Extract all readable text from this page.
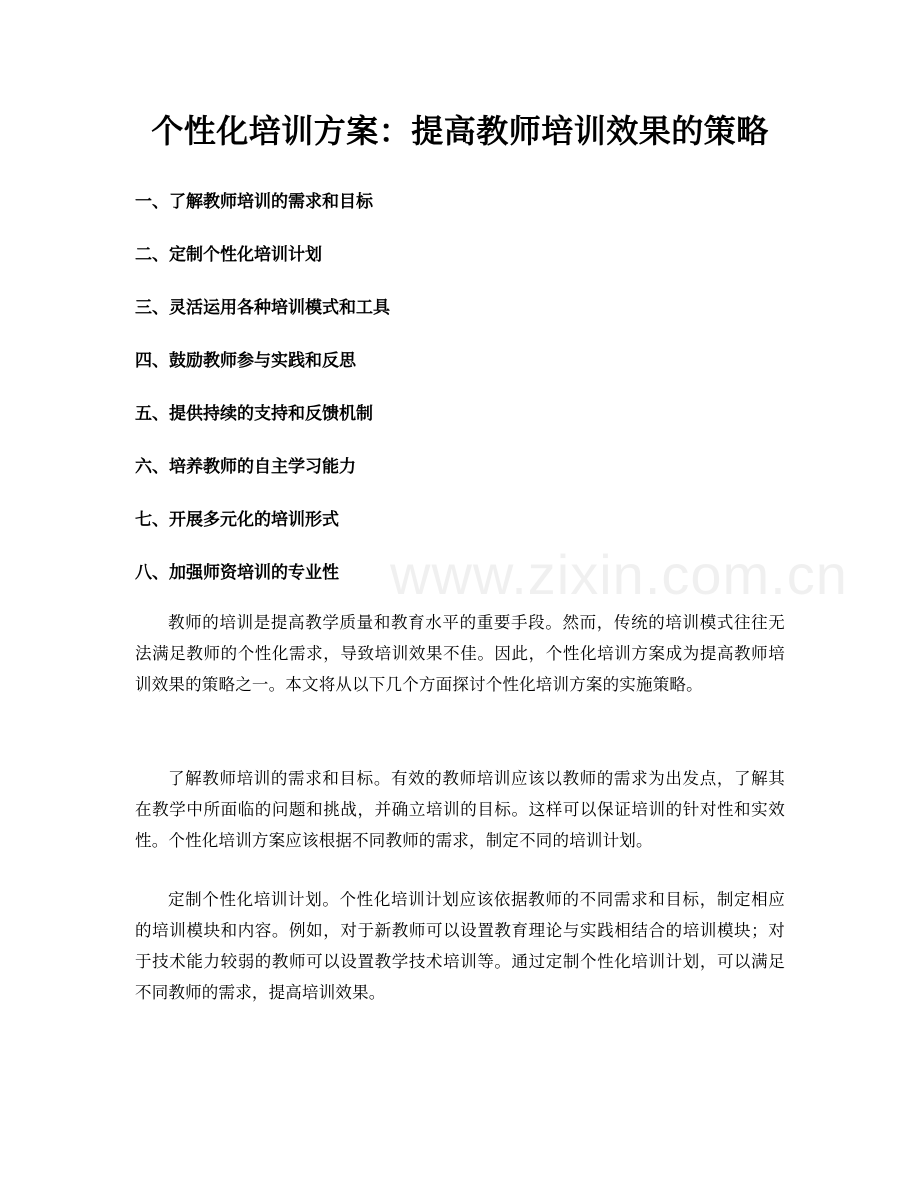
www.zixin.com.cn
个性化培训方案：提高教师培训效果的策略
一、了解教师培训的需求和目标
二、定制个性化培训计划
三、灵活运用各种培训模式和工具
四、鼓励教师参与实践和反思
五、提供持续的支持和反馈机制
六、培养教师的自主学习能力
七、开展多元化的培训形式
八、加强师资培训的专业性

教师的培训是提高教学质量和教育水平的重要手段。然而，传统的培训模式往往无法满足教师的个性化需求，导致培训效果不佳。因此，个性化培训方案成为提高教师培训效果的策略之一。本文将从以下几个方面探讨个性化培训方案的实施策略。

了解教师培训的需求和目标。有效的教师培训应该以教师的需求为出发点，了解其在教学中所面临的问题和挑战，并确立培训的目标。这样可以保证培训的针对性和实效性。个性化培训方案应该根据不同教师的需求，制定不同的培训计划。

定制个性化培训计划。个性化培训计划应该依据教师的不同需求和目标，制定相应的培训模块和内容。例如，对于新教师可以设置教育理论与实践相结合的培训模块；对于技术能力较弱的教师可以设置教学技术培训等。通过定制个性化培训计划，可以满足不同教师的需求，提高培训效果。
